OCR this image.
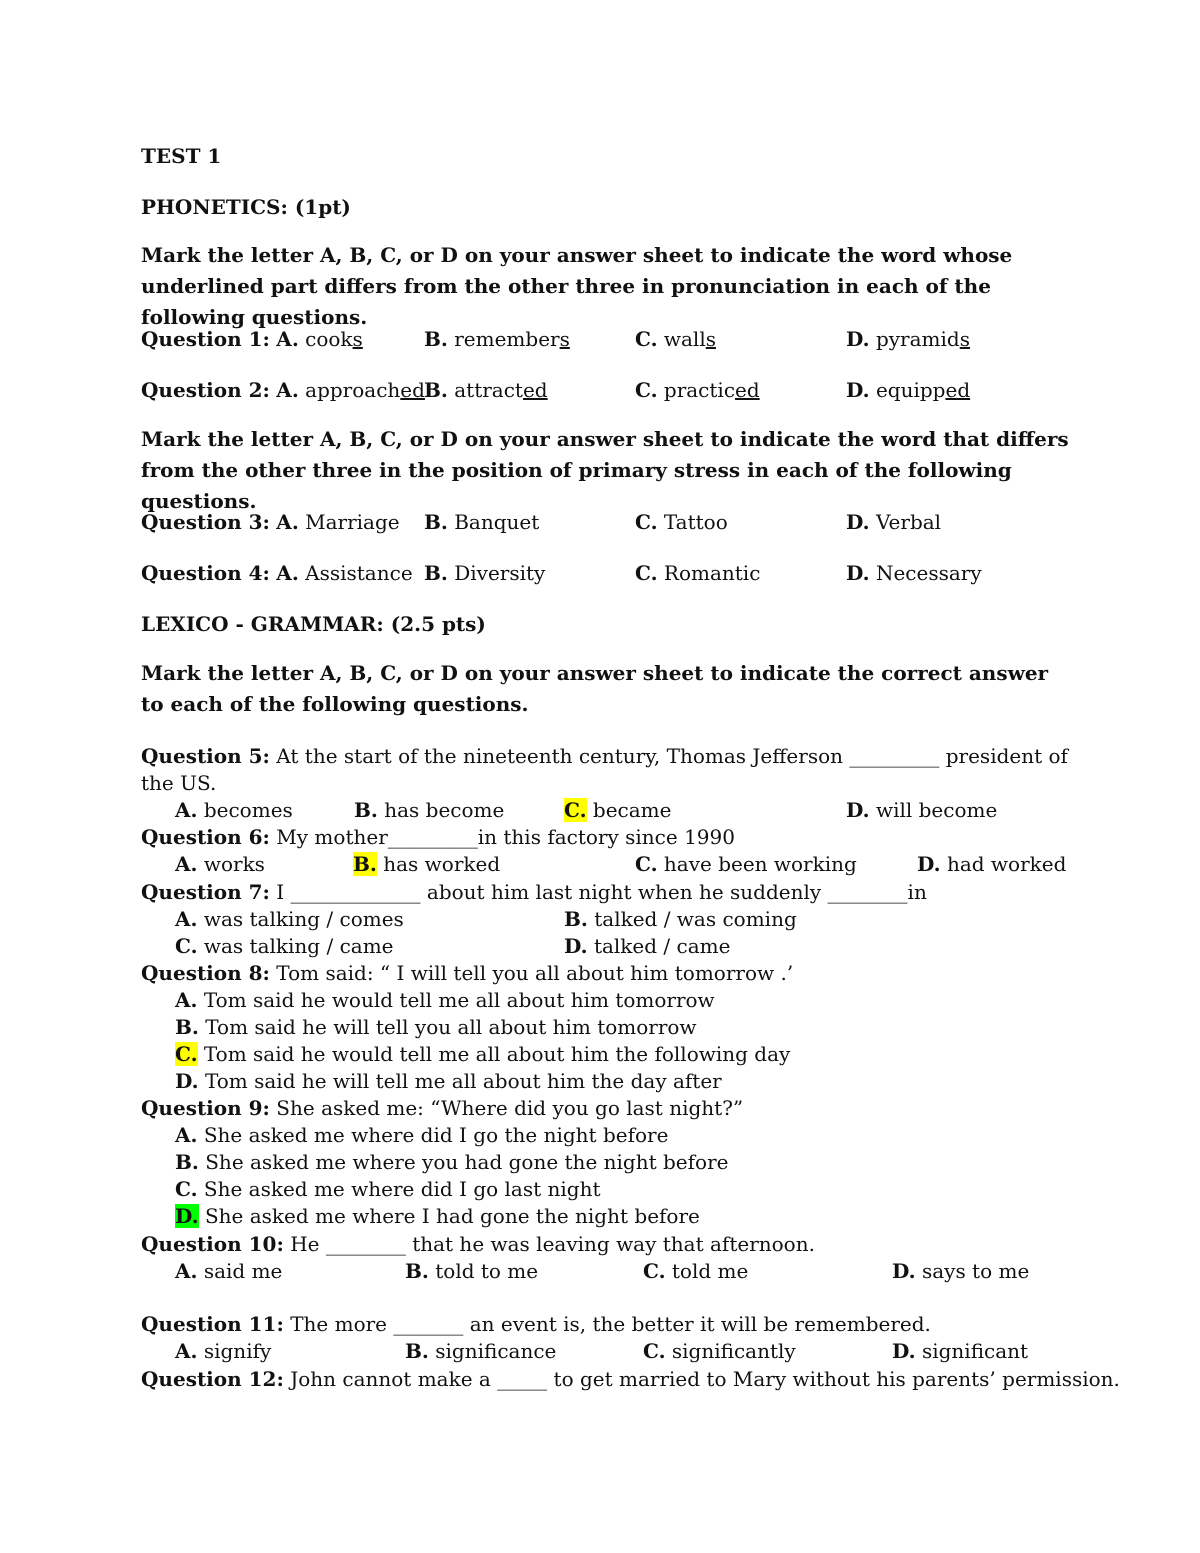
TEST 1
PHONETICS: (1pt)
Mark the letter A, B, C, or D on your answer sheet to indicate the word whose underlined part differs from the other three in pronunciation in each of the following questions.
Question 1: A. cooks	B. remembers	C. walls	D. pyramids
Question 2: A. approached B. attracted	C. practiced	D. equipped
Mark the letter A, B, C, or D on your answer sheet to indicate the word that differs from the other three in the position of primary stress in each of the following questions.
Question 3: A. Marriage B. Banquet	C. Tattoo	D. Verbal
Question 4: A. Assistance B. Diversity	C. Romantic	D. Necessary
LEXICO - GRAMMAR: (2.5 pts)
Mark the letter A, B, C, or D on your answer sheet to indicate the correct answer to each of the following questions.
Question 5: At the start of the nineteenth century, Thomas Jefferson _________ president of the US.
A. becomes	B. has become	C. became	D. will become
Question 6: My mother_________in this factory since 1990
A. works	B. has worked	C. have been working	D. had worked
Question 7: I _____________ about him last night when he suddenly ________in
A. was talking / comes	B. talked / was coming
C. was talking / came	D. talked / came
Question 8: Tom said: “ I will tell you all about him tomorrow .’
A. Tom said he would tell me all about him tomorrow
B. Tom said he will tell you all about him tomorrow
C. Tom said he would tell me all about him the following day
D. Tom said he will tell me all about him the day after
Question 9: She asked me: “Where did you go last night?”
A. She asked me where did I go the night before
B. She asked me where you had gone the night before
C. She asked me where did I go last night
D. She asked me where I had gone the night before
Question 10: He ________ that he was leaving way that afternoon.
A. said me	B. told to me	C. told me	D. says to me
Question 11: The more _______ an event is, the better it will be remembered.
A. signify	B. significance	C. significantly	D. significant
Question 12: John cannot make a _____ to get married to Mary without his parents’ permission.
